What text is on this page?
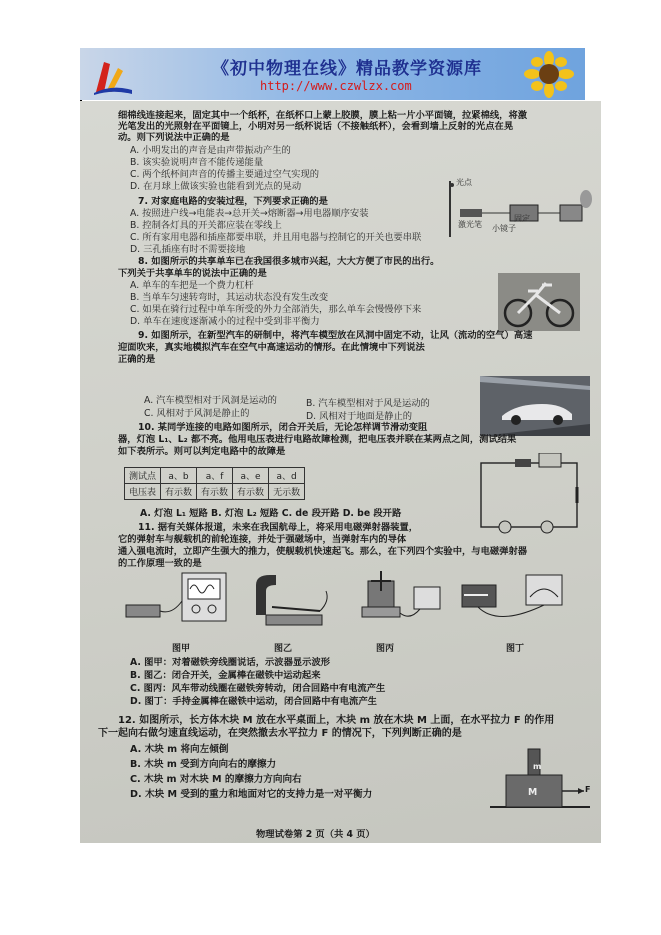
《初中物理在线》精品教学资源库
http://www.czwlzx.com
细棉线连接起来，固定其中一个纸杯，在纸杯口上蒙上胶膜，膜上粘一片小平面镜，拉紧棉线，将激
光笔发出的光照射在平面镜上，小明对另一纸杯说话（不接触纸杯），会看到墙上反射的光点在晃
动。则下列说法中正确的是
A. 小明发出的声音是由声带振动产生的
B. 该实验说明声音不能传递能量
C. 两个纸杯间声音的传播主要通过空气实现的
D. 在月球上做该实验也能看到光点的晃动	光点
激光笔 小镜子
固定
7. 对家庭电路的安装过程，下列要求正确的是
A. 按照进户线→电能表→总开关→熔断器→用电器顺序安装
B. 控制各灯具的开关都应装在零线上
C. 所有家用电器和插座都要串联，并且用电器与控制它的开关也要串联
D. 三孔插座有时不需要接地
8. 如图所示的共享单车已在我国很多城市兴起，大大方便了市民的出行。
下列关于共享单车的说法中正确的是
A. 单车的车把是一个费力杠杆
B. 当单车匀速转弯时，其运动状态没有发生改变
C. 如果在骑行过程中单车所受的外力全部消失，那么单车会慢慢停下来
D. 单车在速度逐渐减小的过程中受到非平衡力
9. 如图所示，在新型汽车的研制中，将汽车模型放在风洞中固定不动，让风（流动的空气）高速
迎面吹来，真实地模拟汽车在空气中高速运动的情形。在此情境中下列说法
正确的是
A. 汽车模型相对于风洞是运动的	B. 汽车模型相对于风是运动的
C. 风相对于风洞是静止的	D. 风相对于地面是静止的
10. 某同学连接的电路如图所示，闭合开关后，无论怎样调节滑动变阻
器，灯泡 L₁、L₂ 都不亮。他用电压表进行电路故障检测，把电压表并联在某两点之间，测试结果
如下表所示。则可以判定电路中的故障是
测试点	a、b	a、f	a、e	a、d
电压表	有示数	有示数	有示数	无示数
A. 灯泡 L₁ 短路 B. 灯泡 L₂ 短路 C. de 段开路 D. be 段开路
11. 据有关媒体报道，未来在我国航母上，将采用电磁弹射器装置，
它的弹射车与舰载机的前轮连接，并处于强磁场中，当弹射车内的导体
通入强电流时，立即产生强大的推力，使舰载机快速起飞。那么，在下列四个实验中，与电磁弹射器
的工作原理一致的是
图甲	图乙	图丙	图丁
A. 图甲：对着磁铁旁线圈说话，示波器显示波形
B. 图乙：闭合开关，金属棒在磁铁中运动起来
C. 图丙：风车带动线圈在磁铁旁转动，闭合回路中有电流产生
D. 图丁：手持金属棒在磁铁中运动，闭合回路中有电流产生
12. 如图所示，长方体木块 M 放在水平桌面上，木块 m 放在木块 M 上面，在水平拉力 F 的作用
下一起向右做匀速直线运动，在突然撤去水平拉力 F 的情况下，下列判断正确的是
A. 木块 m 将向左倾倒
B. 木块 m 受到方向向右的摩擦力
C. 木块 m 对木块 M 的摩擦力方向向右
D. 木块 M 受到的重力和地面对它的支持力是一对平衡力
m
M	F
物理试卷第 2 页（共 4 页）
